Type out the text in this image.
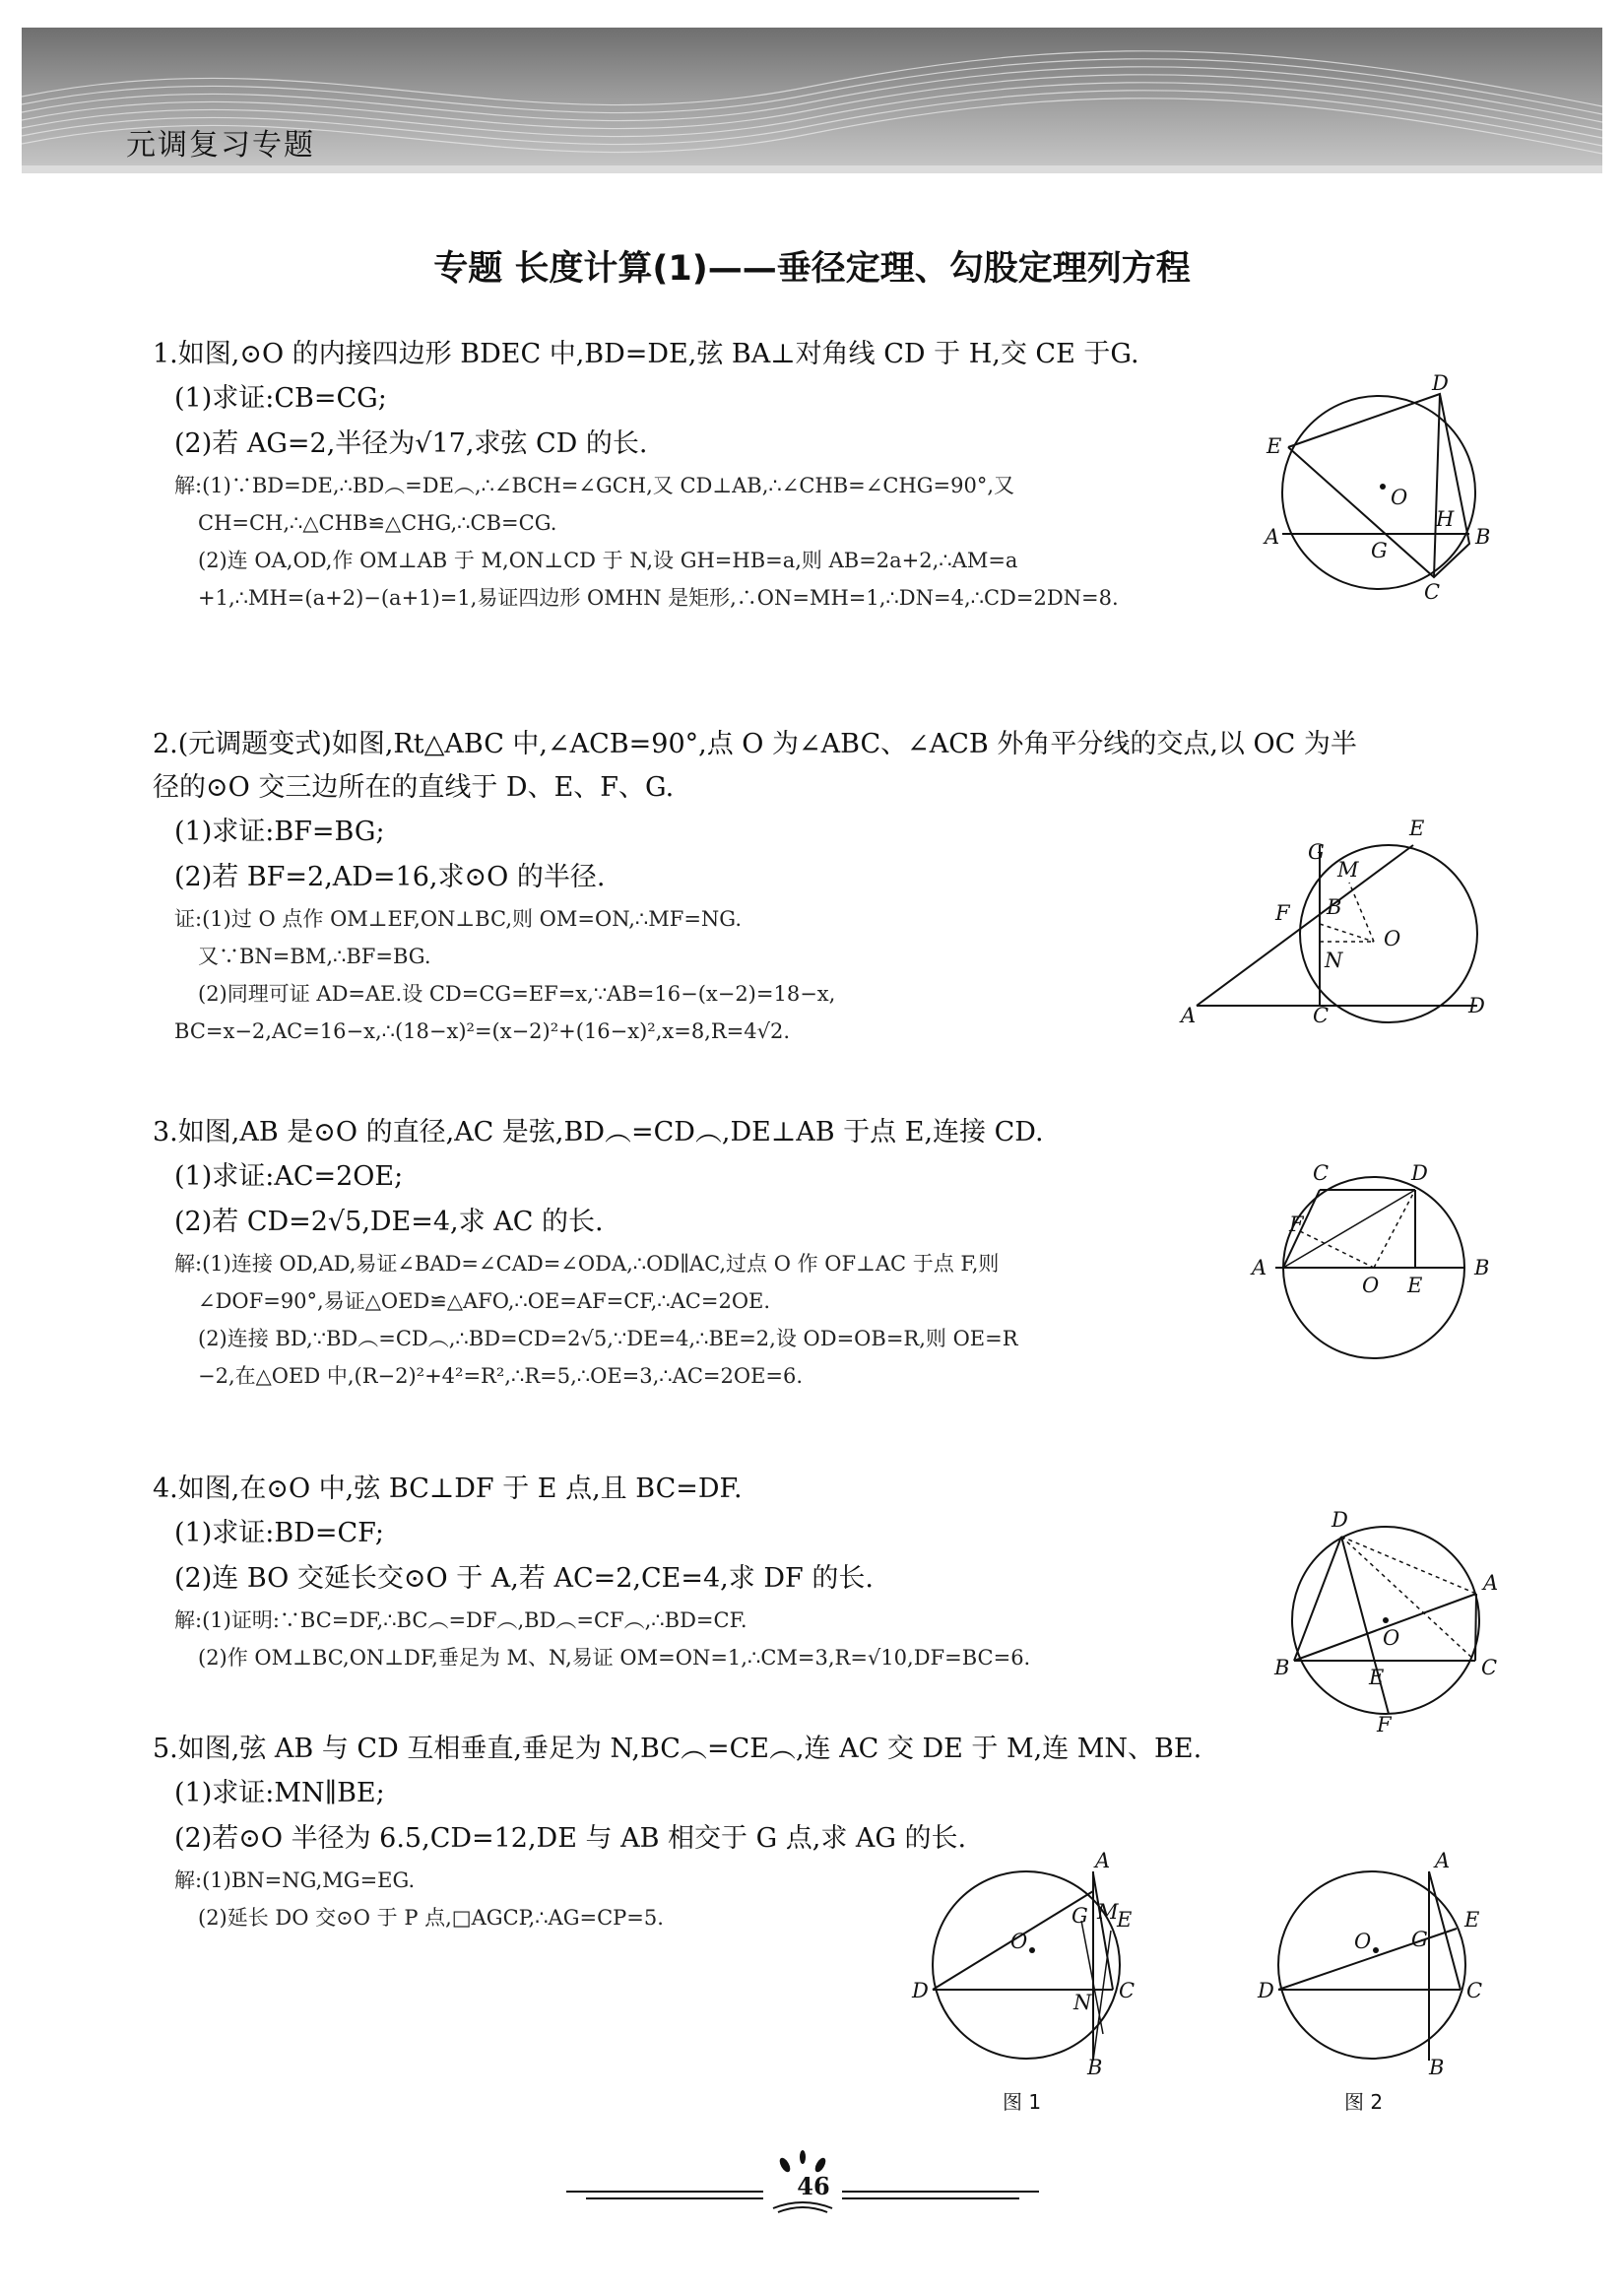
元调复习专题
专题 长度计算(1)——垂径定理、勾股定理列方程
1.如图,⊙O 的内接四边形 BDEC 中,BD=DE,弦 BA⊥对角线 CD 于 H,交 CE 于G.
(1)求证:CB=CG;
(2)若 AG=2,半径为√17,求弦 CD 的长.
解:(1)∵BD=DE,∴BD︵=DE︵,∴∠BCH=∠GCH,又 CD⊥AB,∴∠CHB=∠CHG=90°,又
CH=CH,∴△CHB≌△CHG,∴CB=CG.
(2)连 OA,OD,作 OM⊥AB 于 M,ON⊥CD 于 N,设 GH=HB=a,则 AB=2a+2,∴AM=a
+1,∴MH=(a+2)−(a+1)=1,易证四边形 OMHN 是矩形,∴ON=MH=1,∴DN=4,∴CD=2DN=8.
D
E
O
A
G
H
B
C
2.(元调题变式)如图,Rt△ABC 中,∠ACB=90°,点 O 为∠ABC、∠ACB 外角平分线的交点,以 OC 为半
径的⊙O 交三边所在的直线于 D、E、F、G.
(1)求证:BF=BG;
(2)若 BF=2,AD=16,求⊙O 的半径.
证:(1)过 O 点作 OM⊥EF,ON⊥BC,则 OM=ON,∴MF=NG.
又∵BN=BM,∴BF=BG.
(2)同理可证 AD=AE.设 CD=CG=EF=x,∵AB=16−(x−2)=18−x,
BC=x−2,AC=16−x,∴(18−x)²=(x−2)²+(16−x)²,x=8,R=4√2.
E
G
M
F B
O
N
A	C	D
3.如图,AB 是⊙O 的直径,AC 是弦,BD︵=CD︵,DE⊥AB 于点 E,连接 CD.
(1)求证:AC=2OE;
(2)若 CD=2√5,DE=4,求 AC 的长.
解:(1)连接 OD,AD,易证∠BAD=∠CAD=∠ODA,∴OD∥AC,过点 O 作 OF⊥AC 于点 F,则
∠DOF=90°,易证△OED≌△AFO,∴OE=AF=CF,∴AC=2OE.
(2)连接 BD,∵BD︵=CD︵,∴BD=CD=2√5,∵DE=4,∴BE=2,设 OD=OB=R,则 OE=R
−2,在△OED 中,(R−2)²+4²=R²,∴R=5,∴OE=3,∴AC=2OE=6.
C	D
F
A
O E
B
4.如图,在⊙O 中,弦 BC⊥DF 于 E 点,且 BC=DF.
(1)求证:BD=CF;
(2)连 BO 交延长交⊙O 于 A,若 AC=2,CE=4,求 DF 的长.
解:(1)证明:∵BC=DF,∴BC︵=DF︵,BD︵=CF︵,∴BD=CF.
(2)作 OM⊥BC,ON⊥DF,垂足为 M、N,易证 OM=ON=1,∴CM=3,R=√10,DF=BC=6.
D
A
O
B	E	C
F
5.如图,弦 AB 与 CD 互相垂直,垂足为 N,BC︵=CE︵,连 AC 交 DE 于 M,连 MN、BE.
(1)求证:MN∥BE;
(2)若⊙O 半径为 6.5,CD=12,DE 与 AB 相交于 G 点,求 AG 的长.
解:(1)BN=NG,MG=EG.
(2)延长 DO 交⊙O 于 P 点,□AGCP,∴AG=CP=5.
A
G M
E
O
D	N C
B
A
E
G
O
D	C
B
图 1	图 2
46
